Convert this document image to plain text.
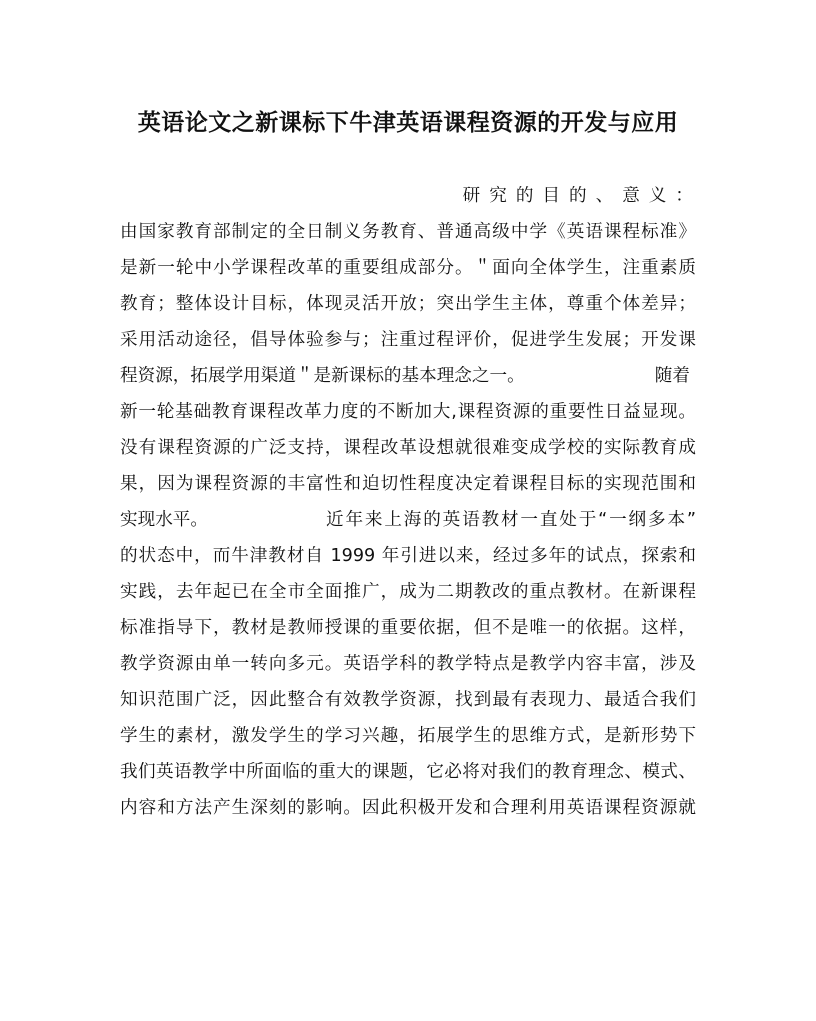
英语论文之新课标下牛津英语课程资源的开发与应用
研究的目的、意义：
由国家教育部制定的全日制义务教育、普通高级中学《英语课程标准》
是新一轮中小学课程改革的重要组成部分。＂面向全体学生，注重素质
教育；整体设计目标，体现灵活开放；突出学生主体，尊重个体差异；
采用活动途径，倡导体验参与；注重过程评价，促进学生发展；开发课
程资源，拓展学用渠道＂是新课标的基本理念之一。	随着
新一轮基础教育课程改革力度的不断加大,课程资源的重要性日益显现。
没有课程资源的广泛支持，课程改革设想就很难变成学校的实际教育成
果，因为课程资源的丰富性和迫切性程度决定着课程目标的实现范围和
实现水平。	近年来上海的英语教材一直处于“一纲多本”
的状态中，而牛津教材自 1999 年引进以来，经过多年的试点，探索和
实践，去年起已在全市全面推广，成为二期教改的重点教材。在新课程
标准指导下，教材是教师授课的重要依据，但不是唯一的依据。这样，
教学资源由单一转向多元。英语学科的教学特点是教学内容丰富，涉及
知识范围广泛，因此整合有效教学资源，找到最有表现力、最适合我们
学生的素材，激发学生的学习兴趣，拓展学生的思维方式，是新形势下
我们英语教学中所面临的重大的课题，它必将对我们的教育理念、模式、
内容和方法产生深刻的影响。因此积极开发和合理利用英语课程资源就
